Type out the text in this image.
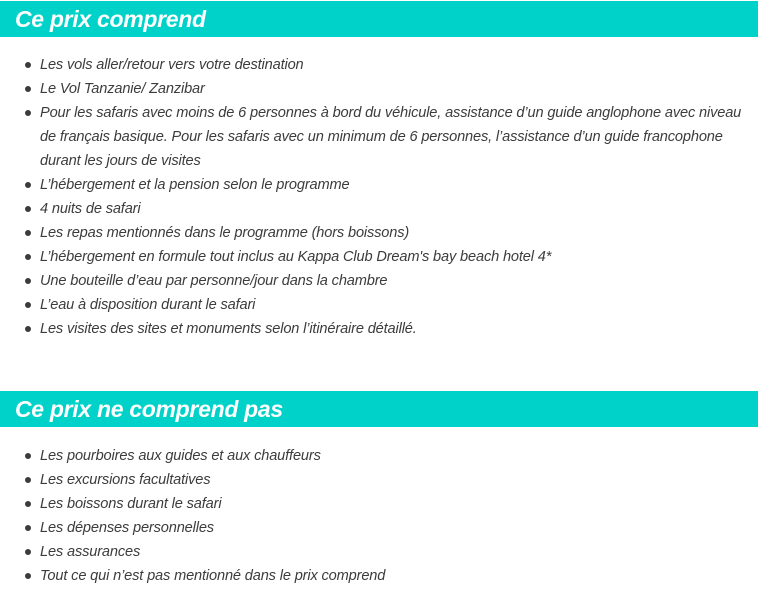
Ce prix comprend
Les vols aller/retour vers votre destination
Le Vol Tanzanie/ Zanzibar
Pour les safaris avec moins de 6 personnes à bord du véhicule, assistance d’un guide anglophone avec niveau de français basique. Pour les safaris avec un minimum de 6 personnes, l’assistance d’un guide francophone durant les jours de visites
L’hébergement et la pension selon le programme
4 nuits de safari
Les repas mentionnés dans le programme (hors boissons)
L’hébergement en formule tout inclus au Kappa Club Dream's bay beach hotel 4*
Une bouteille d’eau par personne/jour dans la chambre
L’eau à disposition durant le safari
Les visites des sites et monuments selon l’itinéraire détaillé.
Ce prix ne comprend pas
Les pourboires aux guides et aux chauffeurs
Les excursions facultatives
Les boissons durant le safari
Les dépenses personnelles
Les assurances
Tout ce qui n’est pas mentionné dans le prix comprend
